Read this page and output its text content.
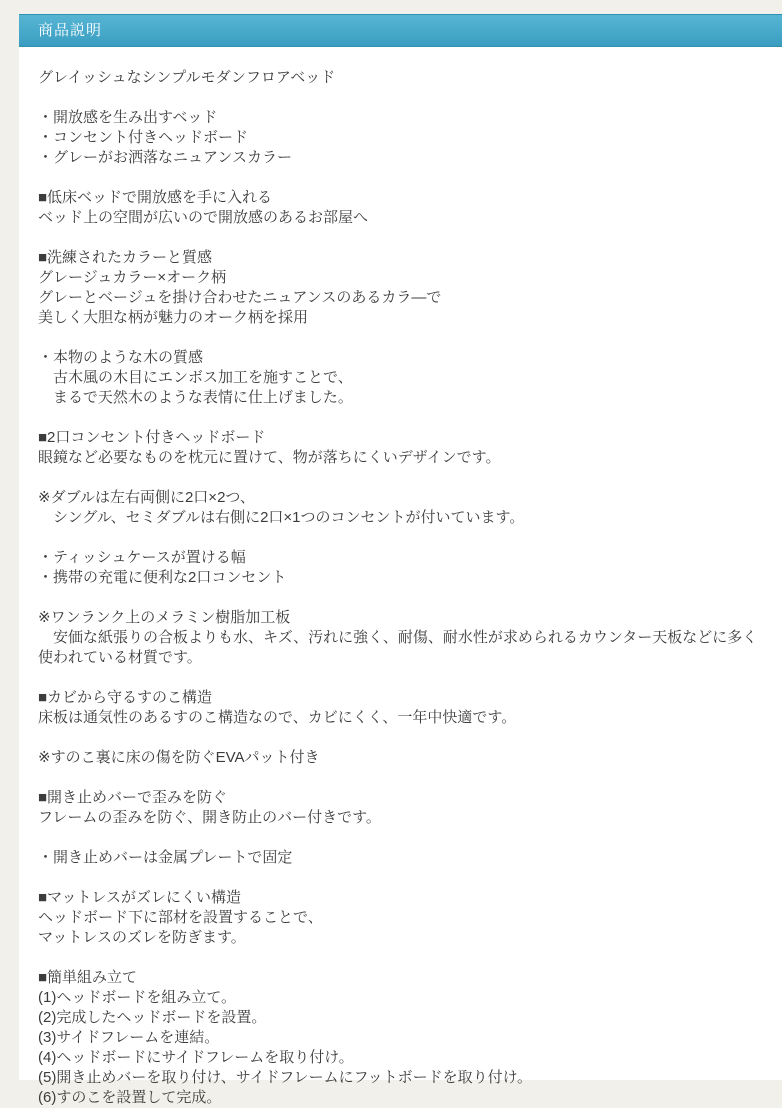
商品説明
グレイッシュなシンプルモダンフロアベッド
・開放感を生み出すベッド
・コンセント付きヘッドボード
・グレーがお洒落なニュアンスカラー
■低床ベッドで開放感を手に入れる
ベッド上の空間が広いので開放感のあるお部屋へ
■洗練されたカラーと質感
グレージュカラー×オーク柄
グレーとベージュを掛け合わせたニュアンスのあるカラ―で
美しく大胆な柄が魅力のオーク柄を採用
・本物のような木の質感
　古木風の木目にエンボス加工を施すことで、
　まるで天然木のような表情に仕上げました。
■2口コンセント付きヘッドボード
眼鏡など必要なものを枕元に置けて、物が落ちにくいデザインです。
※ダブルは左右両側に2口×2つ、
　シングル、セミダブルは右側に2口×1つのコンセントが付いています。
・ティッシュケースが置ける幅
・携帯の充電に便利な2口コンセント
※ワンランク上のメラミン樹脂加工板
　安価な紙張りの合板よりも水、キズ、汚れに強く、耐傷、耐水性が求められるカウンター天板などに多く使われている材質です。
■カビから守るすのこ構造
床板は通気性のあるすのこ構造なので、カビにくく、一年中快適です。
※すのこ裏に床の傷を防ぐEVAパット付き
■開き止めバーで歪みを防ぐ
フレームの歪みを防ぐ、開き防止のバー付きです。
・開き止めバーは金属プレートで固定
■マットレスがズレにくい構造
ヘッドボード下に部材を設置することで、
マットレスのズレを防ぎます。
■簡単組み立て
(1)ヘッドボードを組み立て。
(2)完成したヘッドボードを設置。
(3)サイドフレームを連結。
(4)ヘッドボードにサイドフレームを取り付け。
(5)開き止めバーを取り付け、サイドフレームにフットボードを取り付け。
(6)すのこを設置して完成。
